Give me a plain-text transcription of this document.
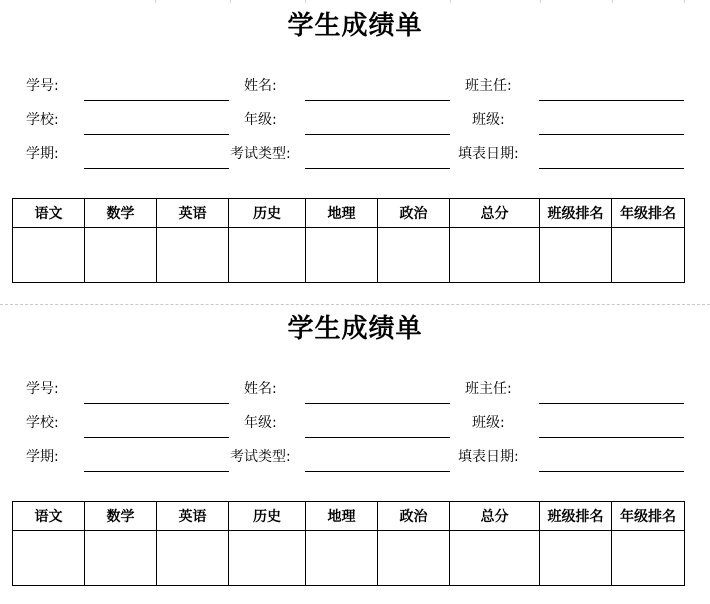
学生成绩单
学号:	姓名:	班主任:
学校:	年级:	班级:
学期:	考试类型:	填表日期:
语文	数学	英语	历史	地理	政治	总分	班级排名	年级排名

学生成绩单
学号:	姓名:	班主任:
学校:	年级:	班级:
学期:	考试类型:	填表日期:
语文	数学	英语	历史	地理	政治	总分	班级排名	年级排名
